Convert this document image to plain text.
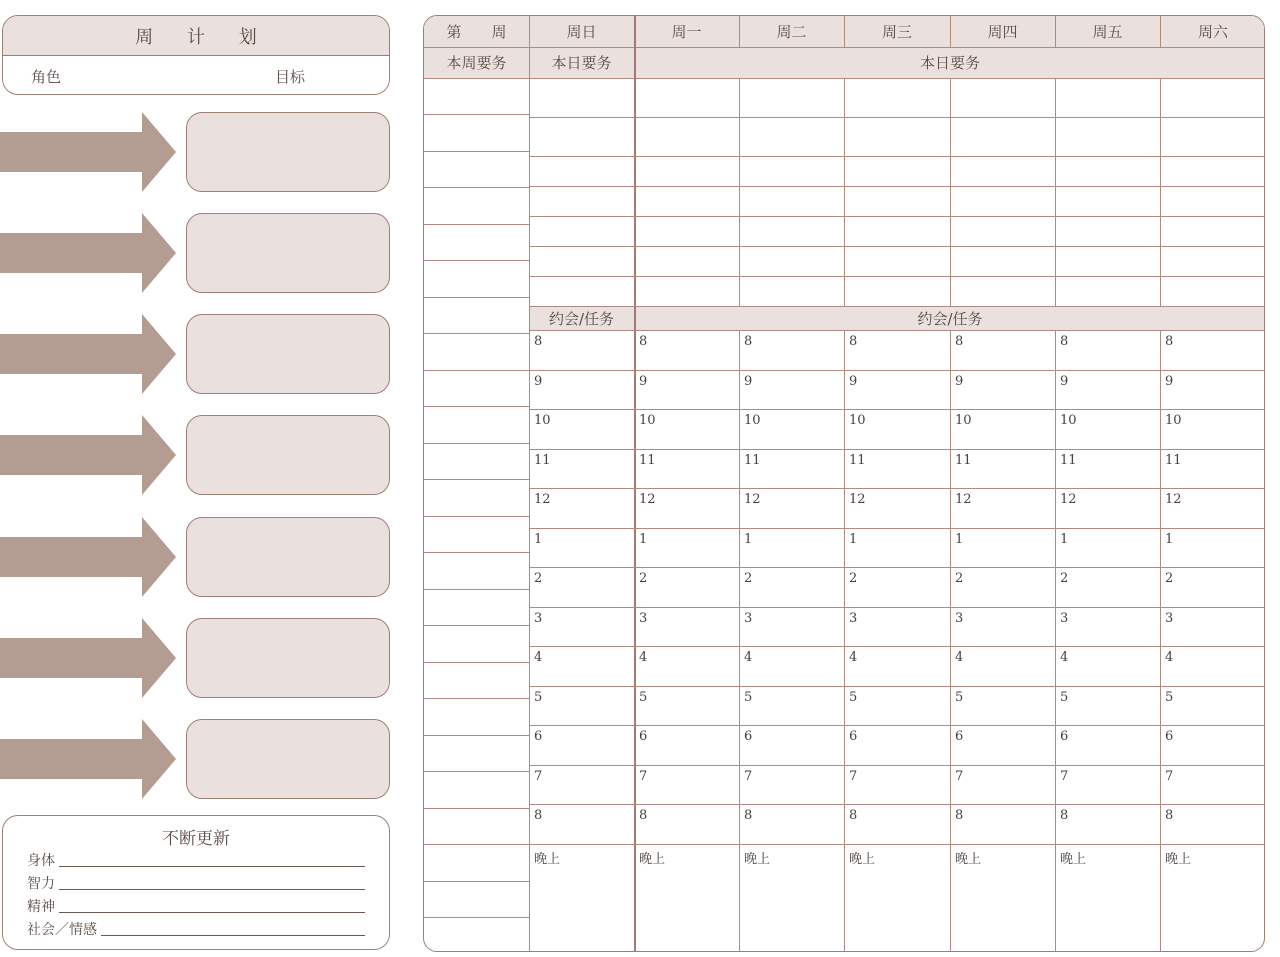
周 计 划
角色	目标
不断更新
身体
智力
精神
社会／情感
第　　周	周日	周一	周二	周三	周四	周五	周六
本周要务	本日要务	本日要务
约会/任务	约会/任务
8	8	8	8	8	8	8
9	9	9	9	9	9	9
10	10	10	10	10	10	10
11	11	11	11	11	11	11
12	12	12	12	12	12	12
1	1	1	1	1	1	1
2	2	2	2	2	2	2
3	3	3	3	3	3	3
4	4	4	4	4	4	4
5	5	5	5	5	5	5
6	6	6	6	6	6	6
7	7	7	7	7	7	7
8	8	8	8	8	8	8
晚上	晚上	晚上	晚上	晚上	晚上	晚上
